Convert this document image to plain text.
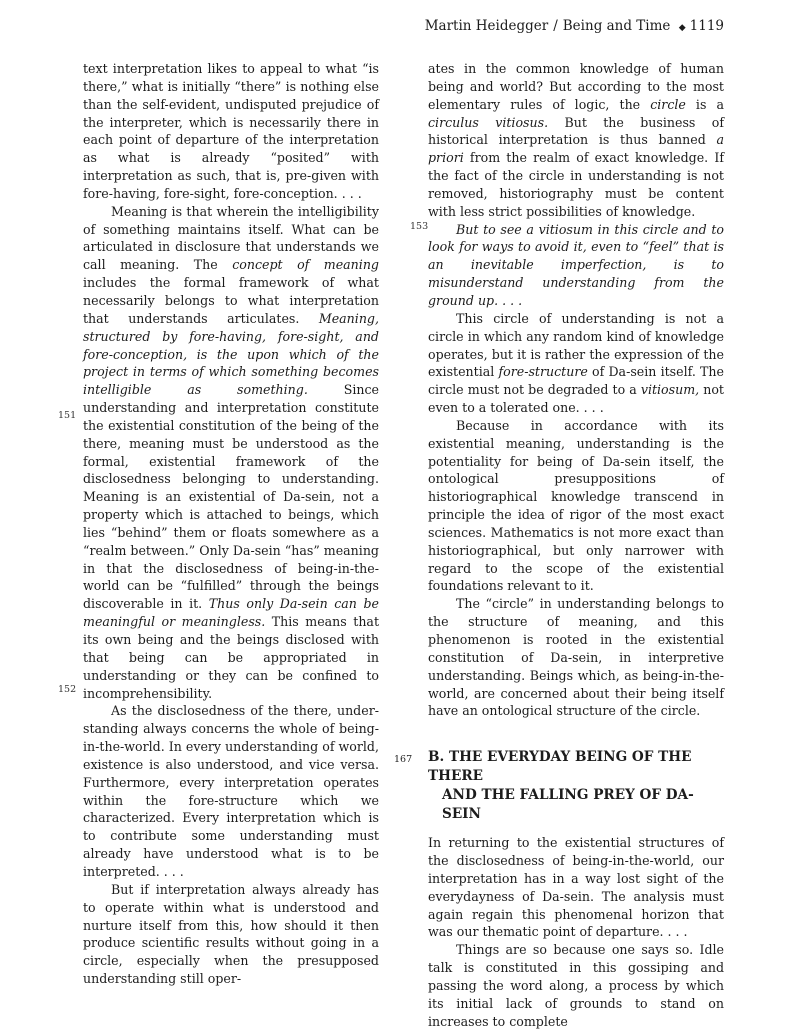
Martin Heidegger / Being and Time ◆ 1119
151
152
153

text interpretation likes to appeal to what “is there,” what is initially “there” is nothing else than the self-evident, undisputed prejudice of the interpreter, which is necessarily there in each point of departure of the interpretation as what is already “posited” with interpretation as such, that is, pre-given with fore-having, fore-sight, fore-conception. . . .

Meaning is that wherein the intelligibility of something maintains itself. What can be articulated in disclosure that understands we call meaning. The concept of meaning includes the formal framework of what necessarily belongs to what interpretation that understands articulates. Meaning, structured by fore-having, fore-sight, and fore-conception, is the upon which of the project in terms of which something becomes intelligible as something. Since understanding and interpretation constitute the existential constitution of the being of the there, meaning must be understood as the formal, existential framework of the disclosedness belonging to understanding. Meaning is an existential of Da-sein, not a property which is attached to beings, which lies “behind” them or floats somewhere as a “realm between.” Only Da-sein “has” meaning in that the disclosedness of being-in-the-world can be “fulfilled” through the beings discoverable in it. Thus only Da-sein can be meaningful or meaningless. This means that its own being and the beings disclosed with that being can be appropriated in understanding or they can be confined to incomprehensibility.

As the disclosedness of the there, understanding always concerns the whole of being-in-the-world. In every understanding of world, existence is also understood, and vice versa. Furthermore, every interpretation operates within the fore-structure which we characterized. Every interpretation which is to contribute some understanding must already have understood what is to be interpreted. . . .

But if interpretation always already has to operate within what is understood and nurture itself from this, how should it then produce scientific results without going in a circle, especially when the presupposed understanding still oper-

ates in the common knowledge of human being and world? But according to the most elementary rules of logic, the circle is a circulus vitiosus. But the business of historical interpretation is thus banned a priori from the realm of exact knowledge. If the fact of the circle in understanding is not removed, historiography must be content with less strict possibilities of knowledge.

But to see a vitiosum in this circle and to look for ways to avoid it, even to “feel” that is an inevitable imperfection, is to misunderstand understanding from the ground up. . . .

This circle of understanding is not a circle in which any random kind of knowledge operates, but it is rather the expression of the existential fore-structure of Da-sein itself. The circle must not be degraded to a vitiosum, not even to a tolerated one. . . .

Because in accordance with its existential meaning, understanding is the potentiality for being of Da-sein itself, the ontological presuppositions of historiographical knowledge transcend in principle the idea of rigor of the most exact sciences. Mathematics is not more exact than historiographical, but only narrower with regard to the scope of the existential foundations relevant to it.

The “circle” in understanding belongs to the structure of meaning, and this phenomenon is rooted in the existential constitution of Da-sein, in interpretive understanding. Beings which, as being-in-the-world, are concerned about their being itself have an ontological structure of the circle.

167 B. THE EVERYDAY BEING OF THE THERE
AND THE FALLING PREY OF DA-SEIN

In returning to the existential structures of the disclosedness of being-in-the-world, our interpretation has in a way lost sight of the everydayness of Da-sein. The analysis must again regain this phenomenal horizon that was our thematic point of departure. . . .

Things are so because one says so. Idle talk is constituted in this gossiping and passing the word along, a process by which its initial lack of grounds to stand on increases to complete
